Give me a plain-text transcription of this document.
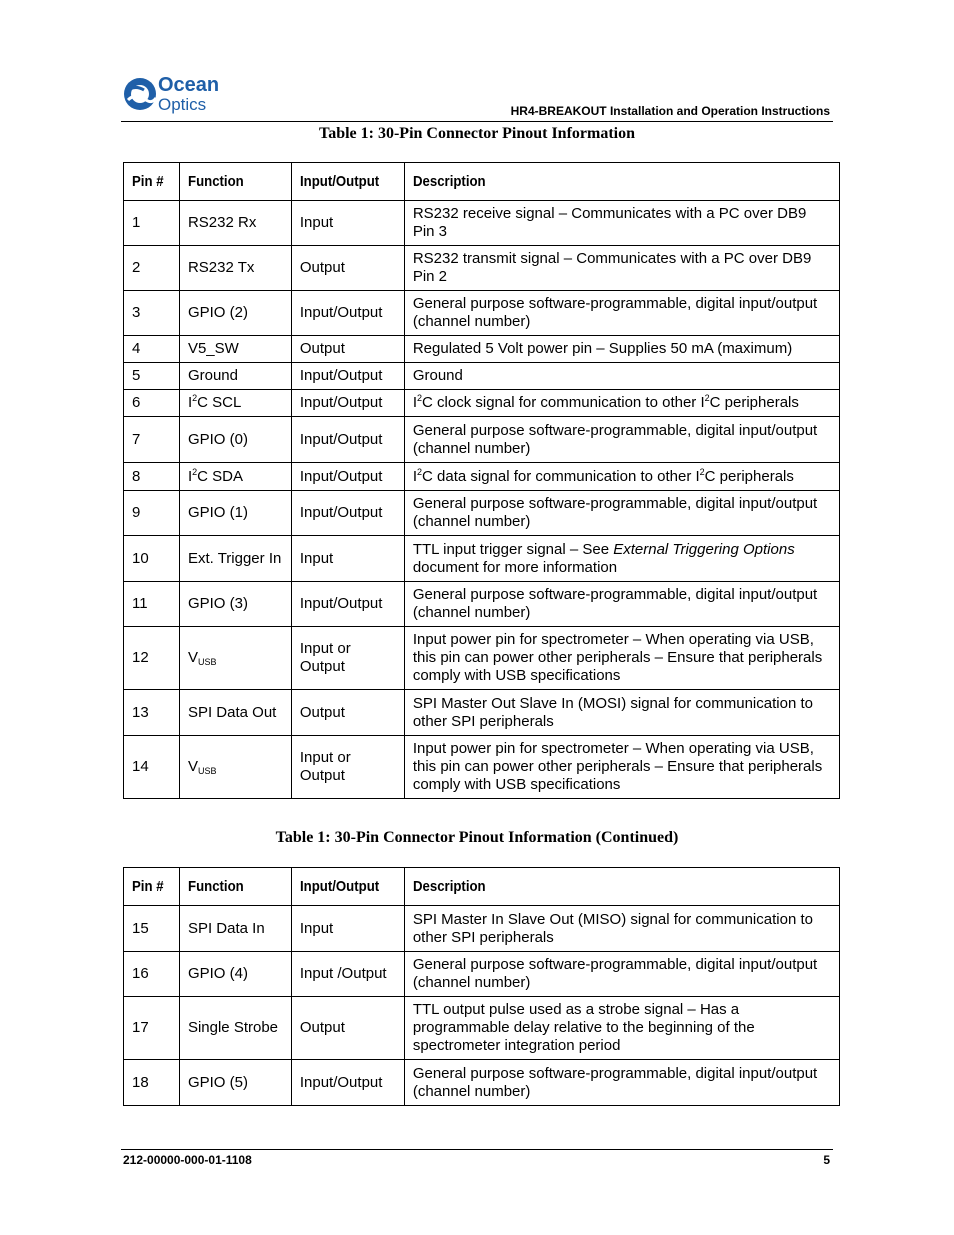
Ocean
Optics	HR4-BREAKOUT Installation and Operation Instructions
Table 1: 30-Pin Connector Pinout Information
Pin #	Function	Input/Output	Description
1	RS232 Rx	Input	RS232 receive signal – Communicates with a PC over DB9 Pin 3
2	RS232 Tx	Output	RS232 transmit signal – Communicates with a PC over DB9 Pin 2
3	GPIO (2)	Input/Output	General purpose software-programmable, digital input/output (channel number)
4	V5_SW	Output	Regulated 5 Volt power pin – Supplies 50 mA (maximum)
5	Ground	Input/Output	Ground
6	$I^2C$ SCL	Input/Output	$I^2C$ clock signal for communication to other $I^2C$ peripherals
7	GPIO (0)	Input/Output	General purpose software-programmable, digital input/output (channel number)
8	$I^2C$ SDA	Input/Output	$I^2C$ data signal for communication to other $I^2C$ peripherals
9	GPIO (1)	Input/Output	General purpose software-programmable, digital input/output (channel number)
10	Ext. Trigger In	Input	TTL input trigger signal – See External Triggering Options document for more information
11	GPIO (3)	Input/Output	General purpose software-programmable, digital input/output (channel number)
12	$V_{USB}$	Input or Output	Input power pin for spectrometer – When operating via USB, this pin can power other peripherals – Ensure that peripherals comply with USB specifications
13	SPI Data Out	Output	SPI Master Out Slave In (MOSI) signal for communication to other SPI peripherals
14	$V_{USB}$	Input or Output	Input power pin for spectrometer – When operating via USB, this pin can power other peripherals – Ensure that peripherals comply with USB specifications
Table 1: 30-Pin Connector Pinout Information (Continued)
Pin #	Function	Input/Output	Description
15	SPI Data In	Input	SPI Master In Slave Out (MISO) signal for communication to other SPI peripherals
16	GPIO (4)	Input /Output	General purpose software-programmable, digital input/output (channel number)
17	Single Strobe	Output	TTL output pulse used as a strobe signal – Has a programmable delay relative to the beginning of the spectrometer integration period
18	GPIO (5)	Input/Output	General purpose software-programmable, digital input/output (channel number)
212-00000-000-01-1108	5
